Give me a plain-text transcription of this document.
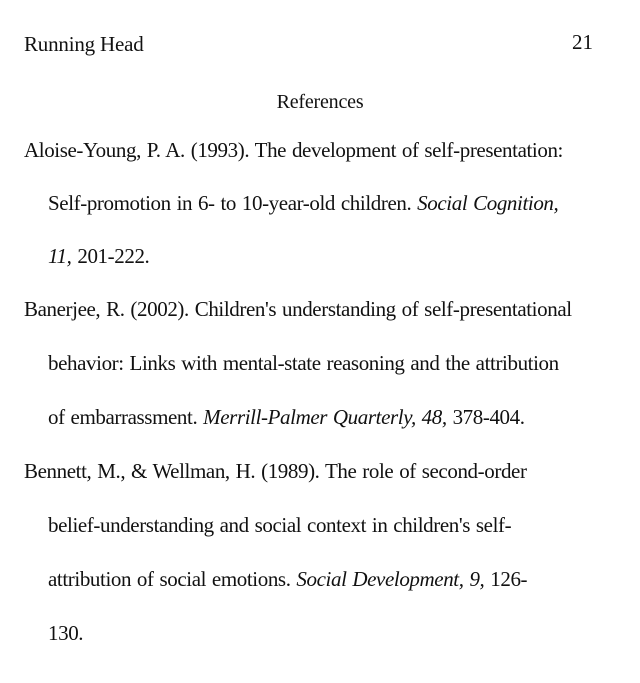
Running Head	21
References
Aloise-Young, P. A. (1993). The development of self-presentation:
Self-promotion in 6- to 10-year-old children. Social Cognition,
11, 201-222.
Banerjee, R. (2002). Children's understanding of self-presentational
behavior: Links with mental-state reasoning and the attribution
of embarrassment. Merrill-Palmer Quarterly, 48, 378-404.
Bennett, M., & Wellman, H. (1989). The role of second-order
belief-understanding and social context in children's self-
attribution of social emotions. Social Development, 9, 126-
130.
